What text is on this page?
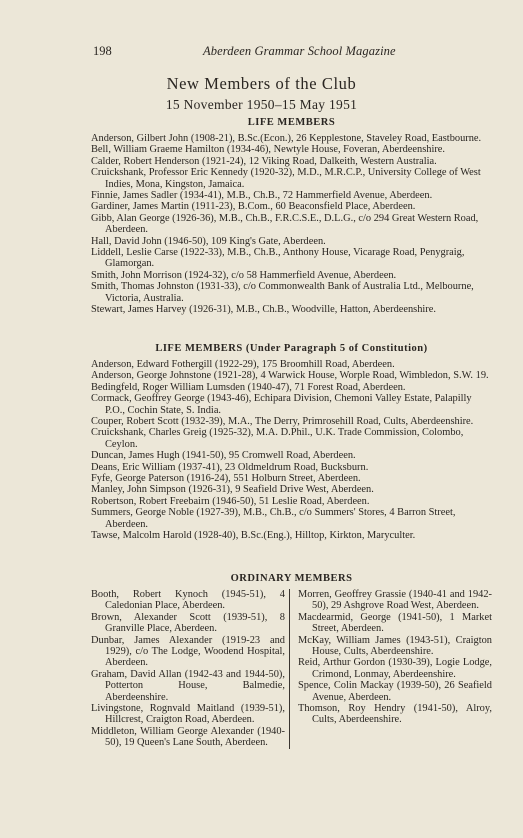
198	Aberdeen Grammar School Magazine
New Members of the Club
15 November 1950–15 May 1951
LIFE MEMBERS

Anderson, Gilbert John (1908-21), B.Sc.(Econ.), 26 Kepplestone, Staveley Road, Eastbourne.

Bell, William Graeme Hamilton (1934-46), Newtyle House, Foveran, Aberdeenshire.

Calder, Robert Henderson (1921-24), 12 Viking Road, Dalkeith, Western Australia.

Cruickshank, Professor Eric Kennedy (1920-32), M.D., M.R.C.P., University College of West Indies, Mona, Kingston, Jamaica.

Finnie, James Sadler (1934-41), M.B., Ch.B., 72 Hammerfield Avenue, Aberdeen.

Gardiner, James Martin (1911-23), B.Com., 60 Beaconsfield Place, Aberdeen.

Gibb, Alan George (1926-36), M.B., Ch.B., F.R.C.S.E., D.L.G., c/o 294 Great Western Road, Aberdeen.

Hall, David John (1946-50), 109 King's Gate, Aberdeen.

Liddell, Leslie Carse (1922-33), M.B., Ch.B., Anthony House, Vicarage Road, Penygraig, Glamorgan.

Smith, John Morrison (1924-32), c/o 58 Hammerfield Avenue, Aberdeen.

Smith, Thomas Johnston (1931-33), c/o Commonwealth Bank of Australia Ltd., Melbourne, Victoria, Australia.

Stewart, James Harvey (1926-31), M.B., Ch.B., Woodville, Hatton, Aberdeenshire.

LIFE MEMBERS (Under Paragraph 5 of Constitution)

Anderson, Edward Fothergill (1922-29), 175 Broomhill Road, Aberdeen.

Anderson, George Johnstone (1921-28), 4 Warwick House, Worple Road, Wimbledon, S.W. 19.

Bedingfeld, Roger William Lumsden (1940-47), 71 Forest Road, Aberdeen.

Cormack, Geoffrey George (1943-46), Echipara Division, Chemoni Valley Estate, Palapilly P.O., Cochin State, S. India.

Couper, Robert Scott (1932-39), M.A., The Derry, Primrosehill Road, Cults, Aberdeenshire.

Cruickshank, Charles Greig (1925-32), M.A. D.Phil., U.K. Trade Commission, Colombo, Ceylon.

Duncan, James Hugh (1941-50), 95 Cromwell Road, Aberdeen.

Deans, Eric William (1937-41), 23 Oldmeldrum Road, Bucksburn.

Fyfe, George Paterson (1916-24), 551 Holburn Street, Aberdeen.

Manley, John Simpson (1926-31), 9 Seafield Drive West, Aberdeen.

Robertson, Robert Freebairn (1946-50), 51 Leslie Road, Aberdeen.

Summers, George Noble (1927-39), M.B., Ch.B., c/o Summers' Stores, 4 Barron Street, Aberdeen.

Tawse, Malcolm Harold (1928-40), B.Sc.(Eng.), Hilltop, Kirkton, Maryculter.

ORDINARY MEMBERS

Booth, Robert Kynoch (1945-51), 4 Caledonian Place, Aberdeen.

Brown, Alexander Scott (1939-51), 8 Granville Place, Aberdeen.

Dunbar, James Alexander (1919-23 and 1929), c/o The Lodge, Woodend Hospital, Aberdeen.

Graham, David Allan (1942-43 and 1944-50), Potterton House, Balmedie, Aberdeenshire.

Livingstone, Rognvald Maitland (1939-51), Hillcrest, Craigton Road, Aberdeen.

Middleton, William George Alexander (1940-50), 19 Queen's Lane South, Aberdeen.

Morren, Geoffrey Grassie (1940-41 and 1942-50), 29 Ashgrove Road West, Aberdeen.

Macdearmid, George (1941-50), 1 Market Street, Aberdeen.

McKay, William James (1943-51), Craigton House, Cults, Aberdeenshire.

Reid, Arthur Gordon (1930-39), Logie Lodge, Crimond, Lonmay, Aberdeenshire.

Spence, Colin Mackay (1939-50), 26 Seafield Avenue, Aberdeen.

Thomson, Roy Hendry (1941-50), Alroy, Cults, Aberdeenshire.
